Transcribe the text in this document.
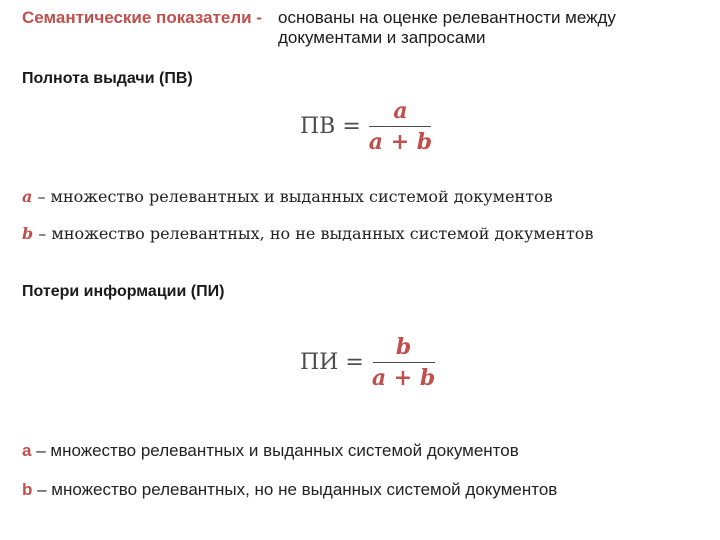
Семантические показатели - основаны на оценке релевантности между документами и запросами
Полнота выдачи (ПВ)
ПВ = $\frac{a}{a + b}$
a – множество релевантных и выданных системой документов
b – множество релевантных, но не выданных системой документов
Потери информации (ПИ)
ПИ = $\frac{b}{a + b}$
a – множество релевантных и выданных системой документов
b – множество релевантных, но не выданных системой документов
